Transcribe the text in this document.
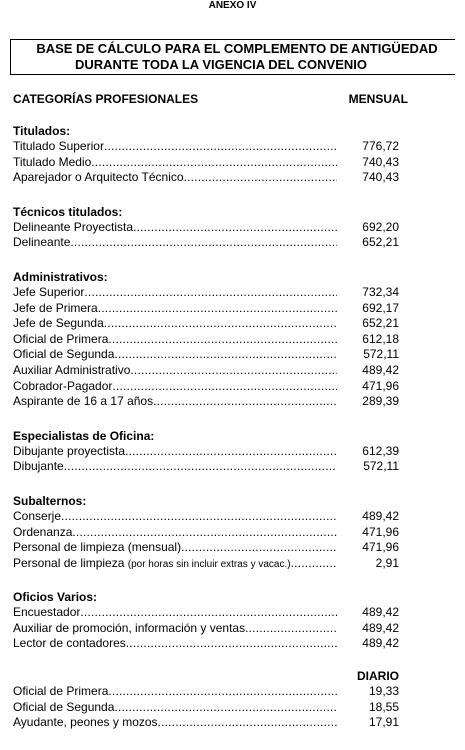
ANEXO IV
BASE DE CÁLCULO PARA EL COMPLEMENTO DE ANTIGÜEDAD
DURANTE TODA LA VIGENCIA DEL CONVENIO
CATEGORÍAS PROFESIONALES	MENSUAL
Titulados:
Titulado Superior .....	776,72
Titulado Medio .....	740,43
Aparejador o Arquitecto Técnico .....	740,43
Técnicos titulados:
Delineante Proyectista .....	692,20
Delineante .....	652,21
Administrativos:
Jefe Superior .....	732,34
Jefe de Primera .....	692,17
Jefe de Segunda .....	652,21
Oficial de Primera .....	612,18
Oficial de Segunda .....	572,11
Auxiliar Administrativo .....	489,42
Cobrador-Pagador .....	471,96
Aspirante de 16 a 17 años .....	289,39
Especialistas de Oficina:
Dibujante proyectista .....	612,39
Dibujante .....	572,11
Subalternos:
Conserje .....	489,42
Ordenanza .....	471,96
Personal de limpieza (mensual) .....	471,96
Personal de limpieza (por horas sin incluir extras y vacac.) .....	2,91
Oficios Varios:
Encuestador .....	489,42
Auxiliar de promoción, información y ventas .....	489,42
Lector de contadores .....	489,42
DIARIO
Oficial de Primera .....	19,33
Oficial de Segunda .....	18,55
Ayudante, peones y mozos .....	17,91
